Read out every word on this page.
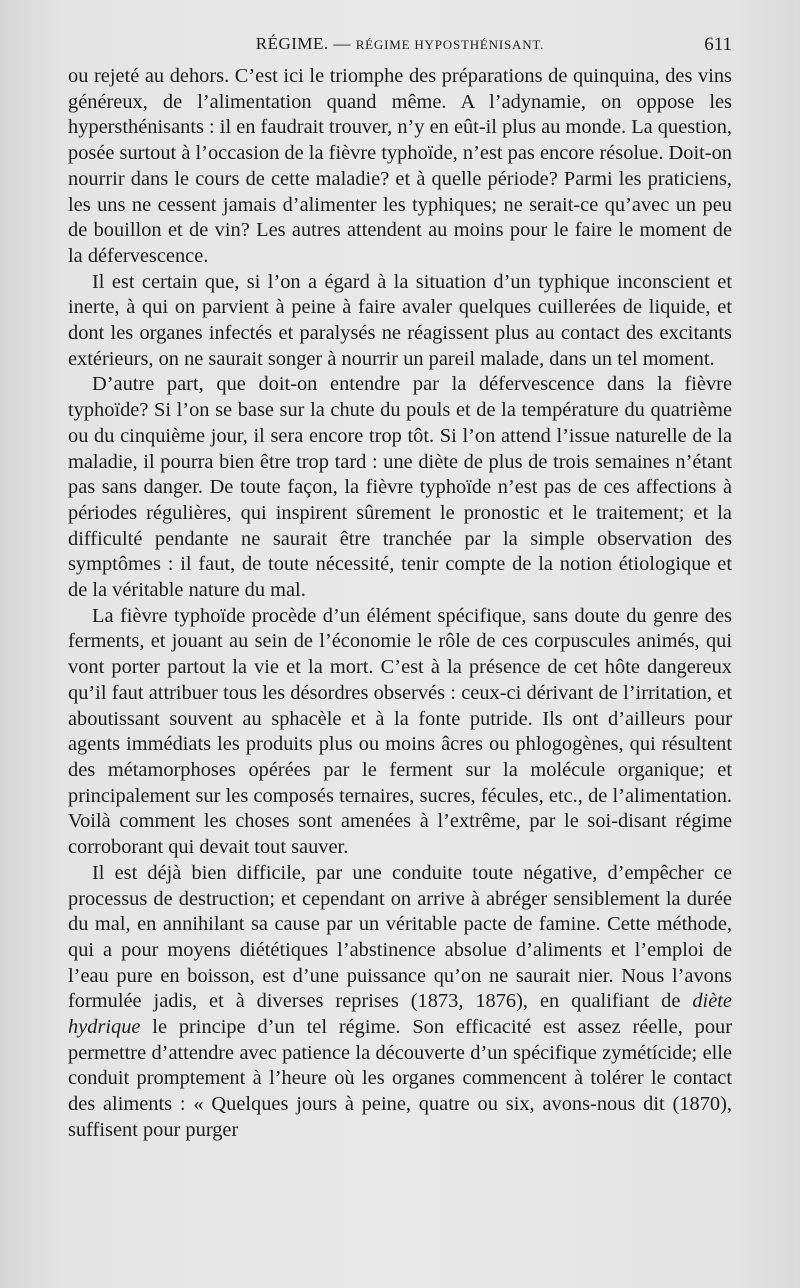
RÉGIME. — RÉGIME HYPOSTHÉNISANT.	611

ou rejeté au dehors. C’est ici le triomphe des préparations de quinquina, des vins généreux, de l’alimentation quand même. A l’adynamie, on oppose les hypersthénisants : il en faudrait trouver, n’y en eût-il plus au monde. La question, posée surtout à l’occasion de la fièvre typhoïde, n’est pas encore résolue. Doit-on nourrir dans le cours de cette maladie? et à quelle période? Parmi les praticiens, les uns ne cessent jamais d’alimenter les typhiques; ne serait-ce qu’avec un peu de bouillon et de vin? Les autres attendent au moins pour le faire le moment de la défervescence.

Il est certain que, si l’on a égard à la situation d’un typhique inconscient et inerte, à qui on parvient à peine à faire avaler quelques cuillerées de liquide, et dont les organes infectés et paralysés ne réagissent plus au contact des excitants extérieurs, on ne saurait songer à nourrir un pareil malade, dans un tel moment.

D’autre part, que doit-on entendre par la défervescence dans la fièvre typhoïde? Si l’on se base sur la chute du pouls et de la température du quatrième ou du cinquième jour, il sera encore trop tôt. Si l’on attend l’issue naturelle de la maladie, il pourra bien être trop tard : une diète de plus de trois semaines n’étant pas sans danger. De toute façon, la fièvre typhoïde n’est pas de ces affections à périodes régulières, qui inspirent sûrement le pronostic et le traitement; et la difficulté pendante ne saurait être tranchée par la simple observation des symptômes : il faut, de toute nécessité, tenir compte de la notion étiologique et de la véritable nature du mal.

La fièvre typhoïde procède d’un élément spécifique, sans doute du genre des ferments, et jouant au sein de l’économie le rôle de ces corpuscules animés, qui vont porter partout la vie et la mort. C’est à la présence de cet hôte dangereux qu’il faut attribuer tous les désordres observés : ceux-ci dérivant de l’irritation, et aboutissant souvent au sphacèle et à la fonte putride. Ils ont d’ailleurs pour agents immédiats les produits plus ou moins âcres ou phlogogènes, qui résultent des métamorphoses opérées par le ferment sur la molécule organique; et principalement sur les composés ternaires, sucres, fécules, etc., de l’alimentation. Voilà comment les choses sont amenées à l’extrême, par le soi-disant régime corroborant qui devait tout sauver.

Il est déjà bien difficile, par une conduite toute négative, d’empêcher ce processus de destruction; et cependant on arrive à abréger sensiblement la durée du mal, en annihilant sa cause par un véritable pacte de famine. Cette méthode, qui a pour moyens diététiques l’abstinence absolue d’aliments et l’emploi de l’eau pure en boisson, est d’une puissance qu’on ne saurait nier. Nous l’avons formulée jadis, et à diverses reprises (1873, 1876), en qualifiant de diète hydrique le principe d’un tel régime. Son efficacité est assez réelle, pour permettre d’attendre avec patience la découverte d’un spécifique zymétícide; elle conduit promptement à l’heure où les organes commencent à tolérer le contact des aliments : « Quelques jours à peine, quatre ou six, avons-nous dit (1870), suffisent pour purger
